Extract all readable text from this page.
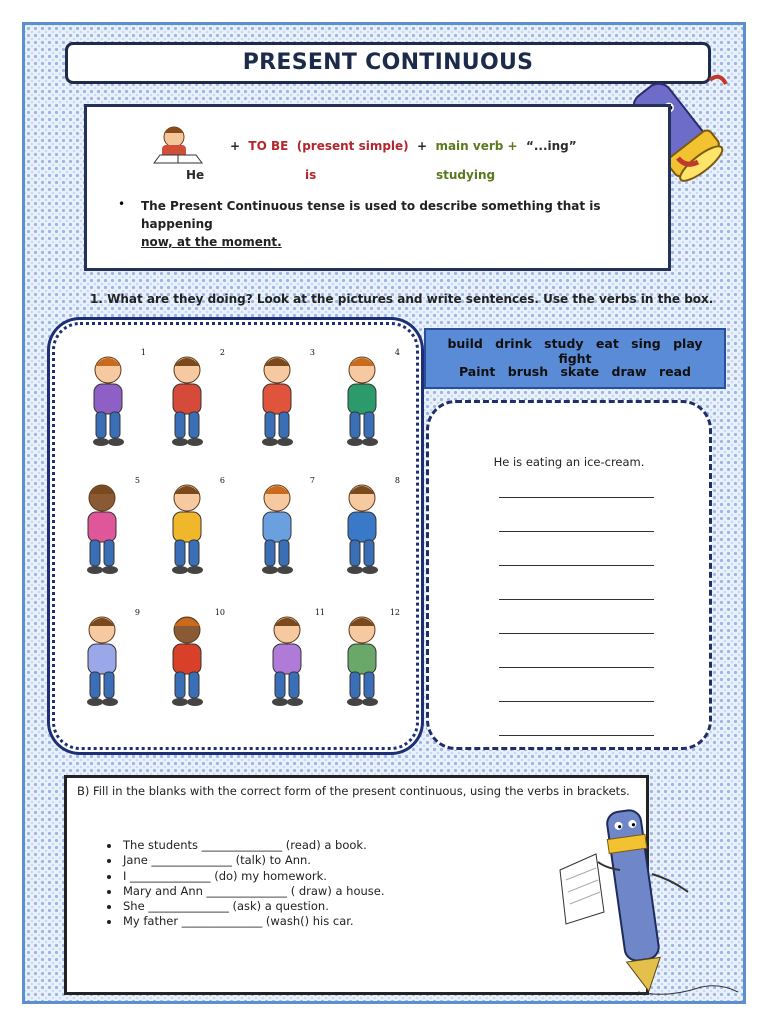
PRESENT CONTINUOUS
+ TO BE (present simple) + main verb + “...ing”
He	is	studying
• The Present Continuous tense is used to describe something that is happening
now, at the moment.
1. What are they doing? Look at the pictures and write sentences. Use the verbs in the box.
1	2	3	4
5	6	7	8
9	10	11	12
build drink study eat sing play fight
Paint brush skate draw read
He is eating an ice-cream.
B) Fill in the blanks with the correct form of the present continuous, using the verbs in brackets.
• The students ______________ (read) a book.
• Jane ______________ (talk) to Ann.
• I ______________ (do) my homework.
• Mary and Ann ______________ ( draw) a house.
• She ______________ (ask) a question.
• My father ______________ (wash() his car.
